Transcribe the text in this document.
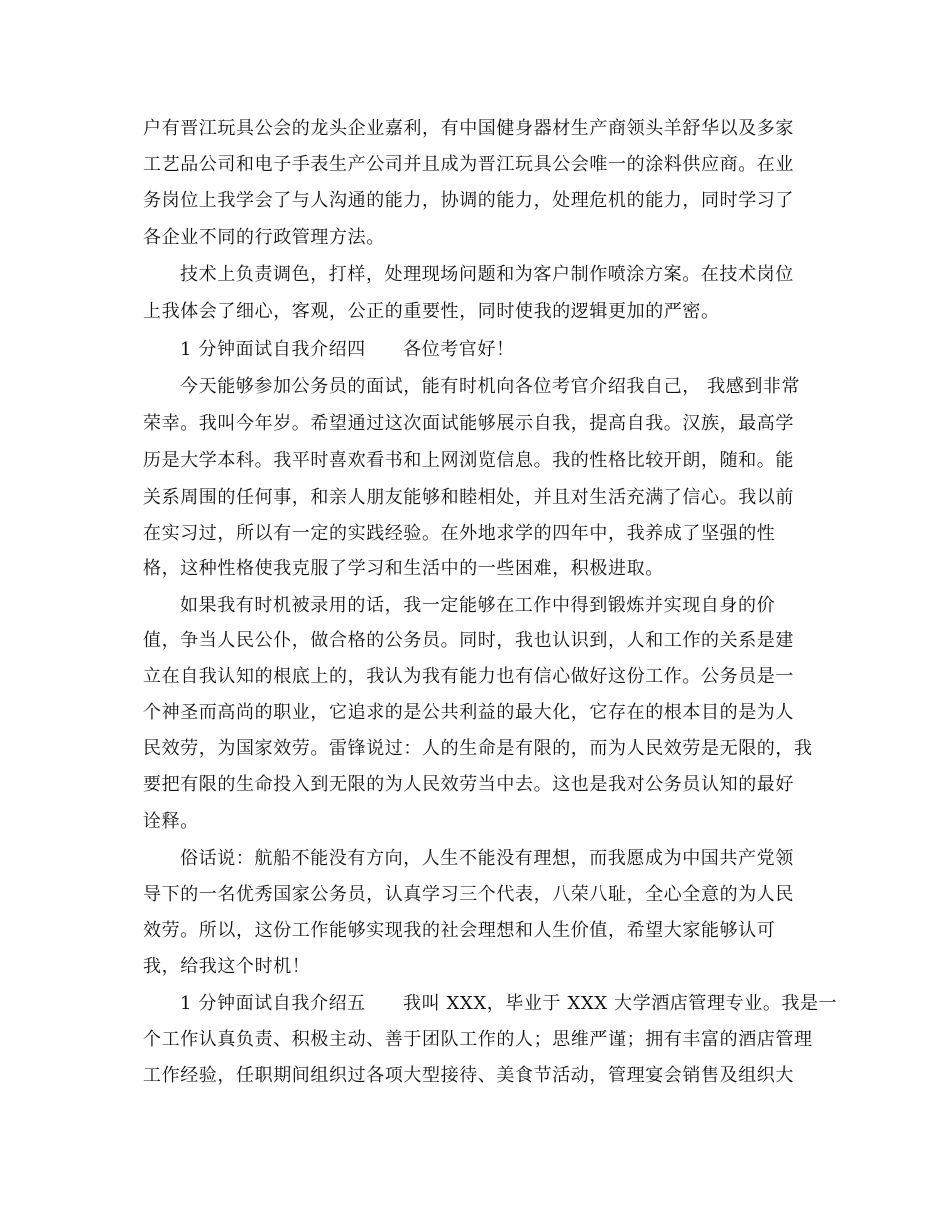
户有晋江玩具公会的龙头企业嘉利，有中国健身器材生产商领头羊舒华以及多家
工艺品公司和电子手表生产公司并且成为晋江玩具公会唯一的涂料供应商。在业
务岗位上我学会了与人沟通的能力，协调的能力，处理危机的能力，同时学习了
各企业不同的行政管理方法。
技术上负责调色，打样，处理现场问题和为客户制作喷涂方案。在技术岗位
上我体会了细心，客观，公正的重要性，同时使我的逻辑更加的严密。
1 分钟面试自我介绍四　　各位考官好！
今天能够参加公务员的面试，能有时机向各位考官介绍我自己， 我感到非常
荣幸。我叫今年岁。希望通过这次面试能够展示自我，提高自我。汉族，最高学
历是大学本科。我平时喜欢看书和上网浏览信息。我的性格比较开朗，随和。能
关系周围的任何事，和亲人朋友能够和睦相处，并且对生活充满了信心。我以前
在实习过，所以有一定的实践经验。在外地求学的四年中，我养成了坚强的性
格，这种性格使我克服了学习和生活中的一些困难，积极进取。
如果我有时机被录用的话，我一定能够在工作中得到锻炼并实现自身的价
值，争当人民公仆，做合格的公务员。同时，我也认识到，人和工作的关系是建
立在自我认知的根底上的，我认为我有能力也有信心做好这份工作。公务员是一
个神圣而高尚的职业，它追求的是公共利益的最大化，它存在的根本目的是为人
民效劳，为国家效劳。雷锋说过：人的生命是有限的，而为人民效劳是无限的，我
要把有限的生命投入到无限的为人民效劳当中去。这也是我对公务员认知的最好
诠释。
俗话说：航船不能没有方向，人生不能没有理想，而我愿成为中国共产党领
导下的一名优秀国家公务员，认真学习三个代表，八荣八耻，全心全意的为人民
效劳。所以，这份工作能够实现我的社会理想和人生价值，希望大家能够认可
我，给我这个时机！
1 分钟面试自我介绍五　　我叫 XXX，毕业于 XXX 大学酒店管理专业。我是一
个工作认真负责、积极主动、善于团队工作的人；思维严谨；拥有丰富的酒店管理
工作经验，任职期间组织过各项大型接待、美食节活动，管理宴会销售及组织大
